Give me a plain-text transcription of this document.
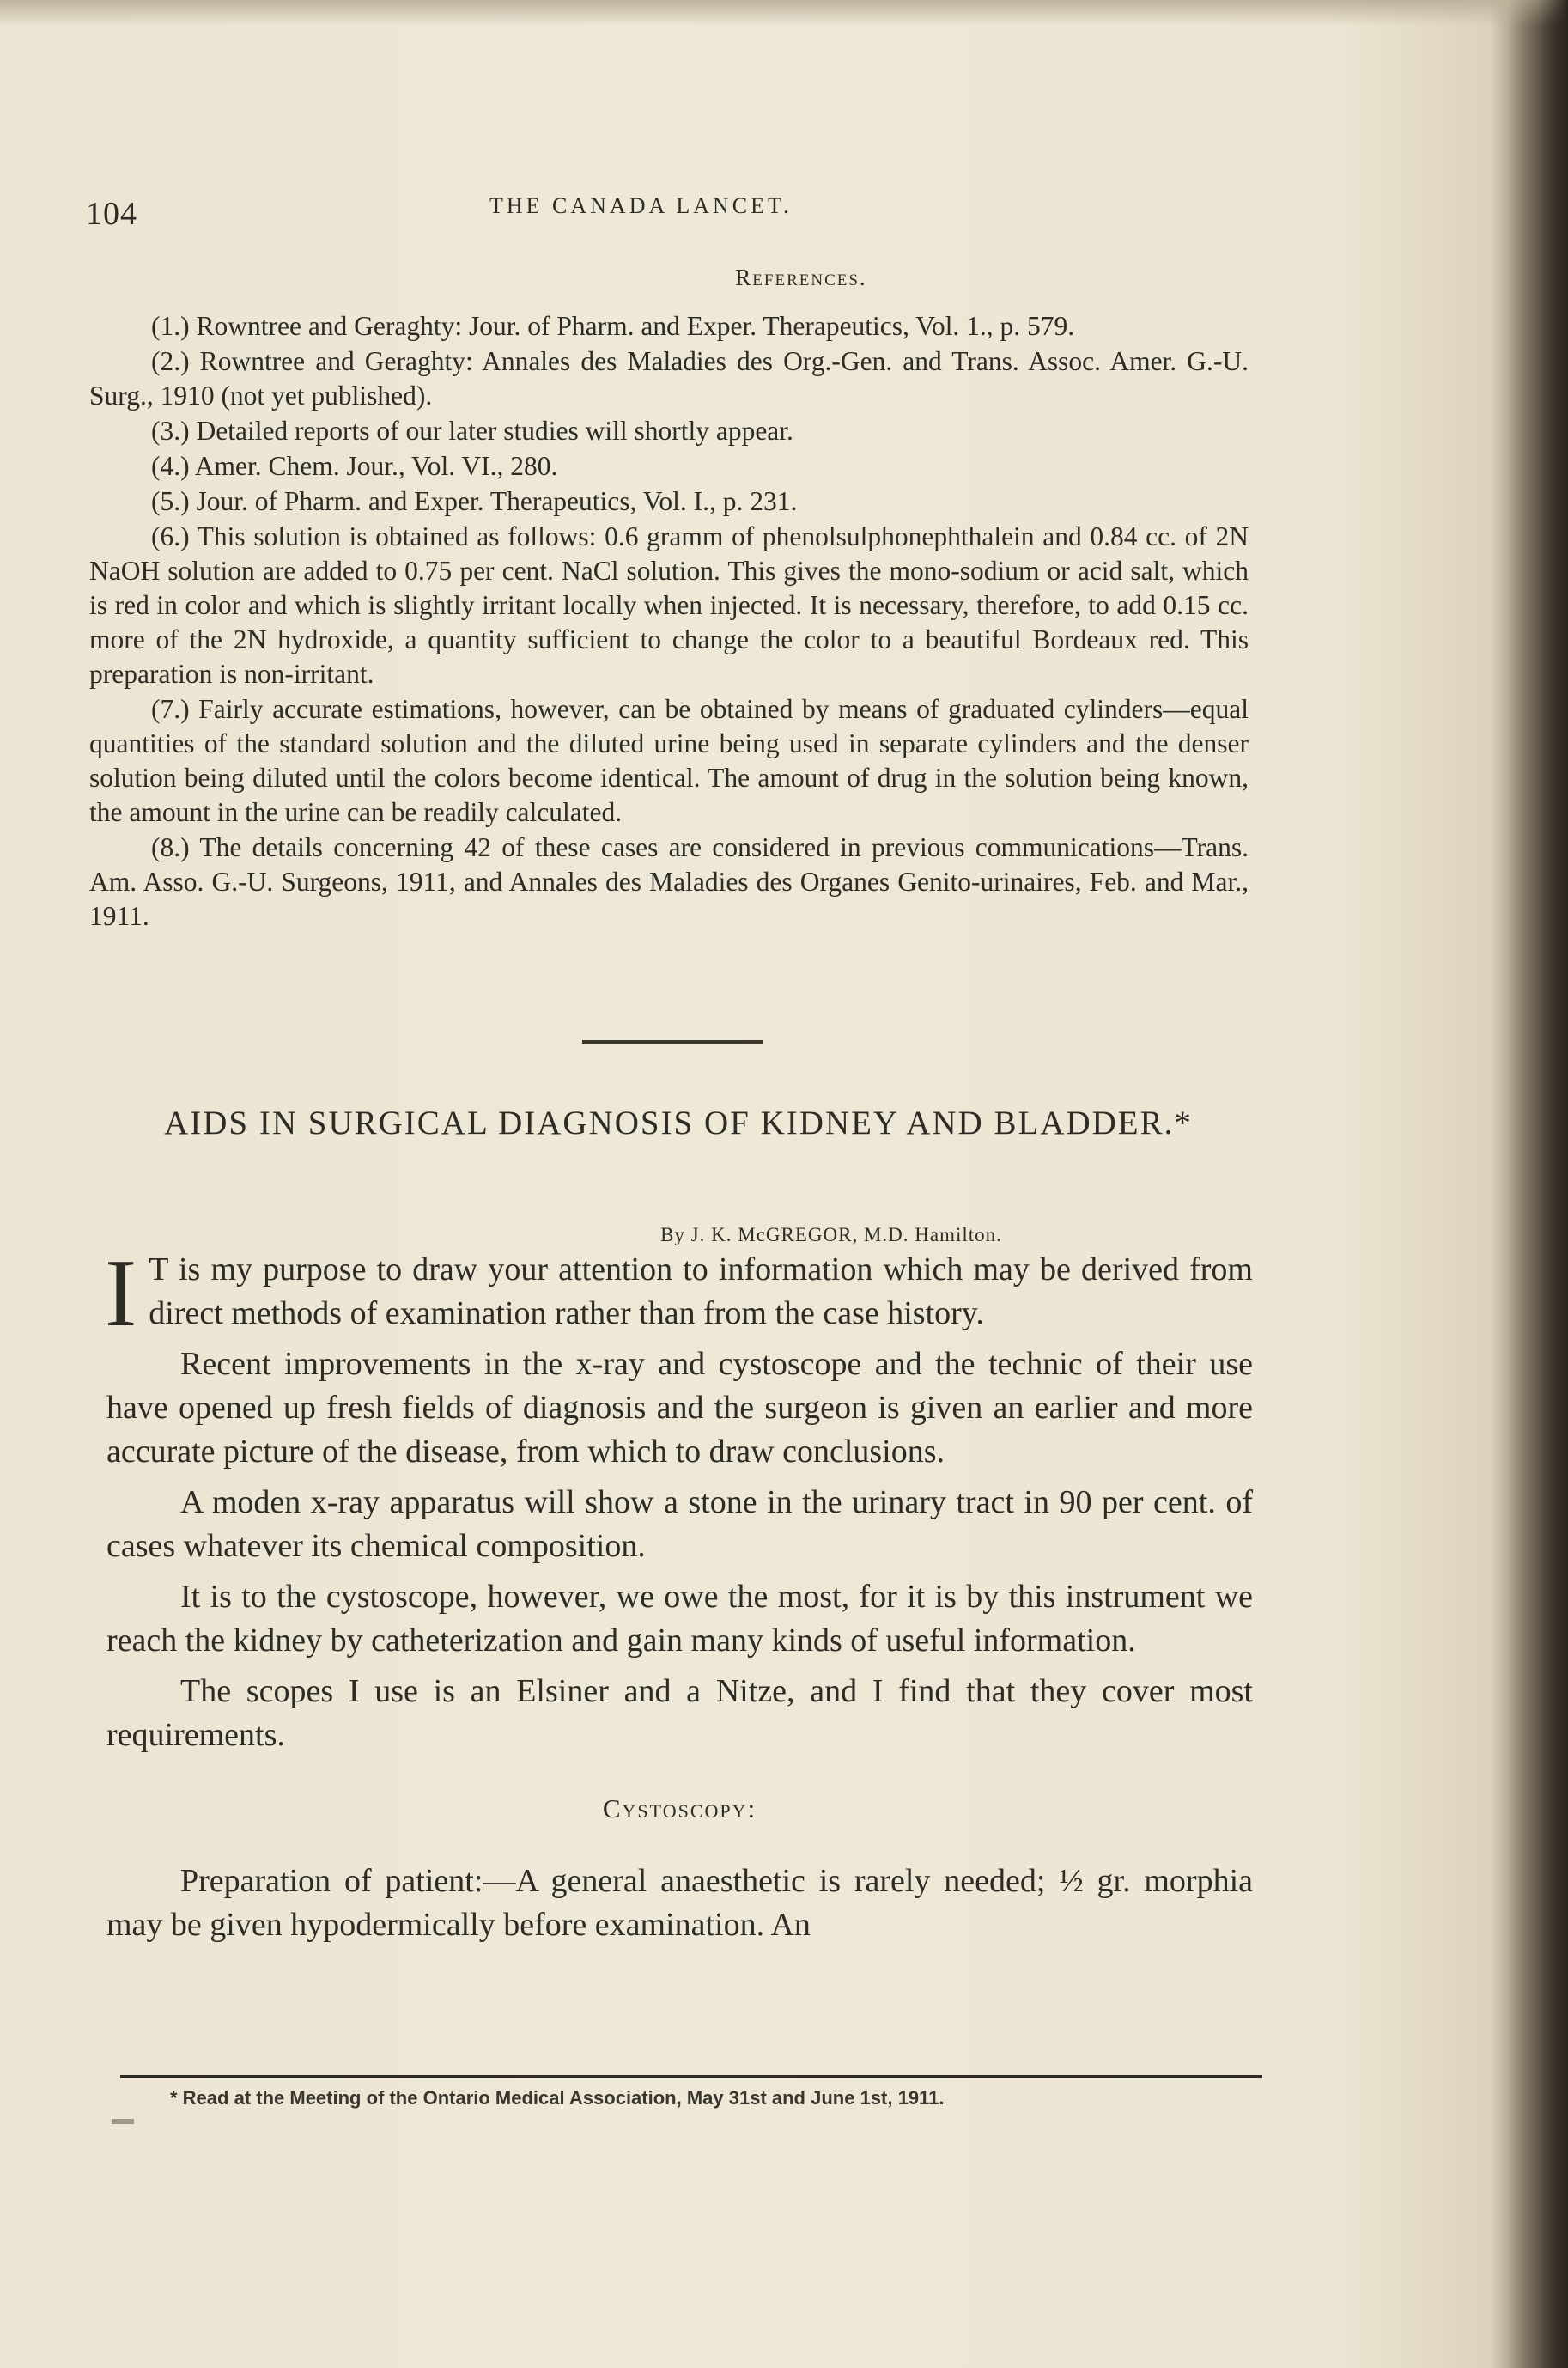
104	THE CANADA LANCET.
References.

(1.) Rowntree and Geraghty: Jour. of Pharm. and Exper. Therapeutics, Vol. 1., p. 579.

(2.) Rowntree and Geraghty: Annales des Maladies des Org.-Gen. and Trans. Assoc. Amer. G.-U. Surg., 1910 (not yet published).

(3.) Detailed reports of our later studies will shortly appear.

(4.) Amer. Chem. Jour., Vol. VI., 280.

(5.) Jour. of Pharm. and Exper. Therapeutics, Vol. I., p. 231.

(6.) This solution is obtained as follows: 0.6 gramm of phenolsulphonephthalein and 0.84 cc. of 2N NaOH solution are added to 0.75 per cent. NaCl solution. This gives the mono-sodium or acid salt, which is red in color and which is slightly irritant locally when injected. It is necessary, therefore, to add 0.15 cc. more of the 2N hydroxide, a quantity sufficient to change the color to a beautiful Bordeaux red. This preparation is non-irritant.

(7.) Fairly accurate estimations, however, can be obtained by means of graduated cylinders—equal quantities of the standard solution and the diluted urine being used in separate cylinders and the denser solution being diluted until the colors become identical. The amount of drug in the solution being known, the amount in the urine can be readily calculated.

(8.) The details concerning 42 of these cases are considered in previous communications—Trans. Am. Asso. G.-U. Surgeons, 1911, and Annales des Maladies des Organes Genito-urinaires, Feb. and Mar., 1911.

AIDS IN SURGICAL DIAGNOSIS OF KIDNEY AND BLADDER.*
By J. K. McGREGOR, M.D. Hamilton.

I T is my purpose to draw your attention to information which may be derived from direct methods of examination rather than from the case history.

Recent improvements in the x-ray and cystoscope and the technic of their use have opened up fresh fields of diagnosis and the surgeon is given an earlier and more accurate picture of the disease, from which to draw conclusions.

A moden x-ray apparatus will show a stone in the urinary tract in 90 per cent. of cases whatever its chemical composition.

It is to the cystoscope, however, we owe the most, for it is by this instrument we reach the kidney by catheterization and gain many kinds of useful information.

The scopes I use is an Elsiner and a Nitze, and I find that they cover most requirements.

Cystoscopy:

Preparation of patient:—A general anaesthetic is rarely needed; ½ gr. morphia may be given hypodermically before examination. An

* Read at the Meeting of the Ontario Medical Association, May 31st and June 1st, 1911.
